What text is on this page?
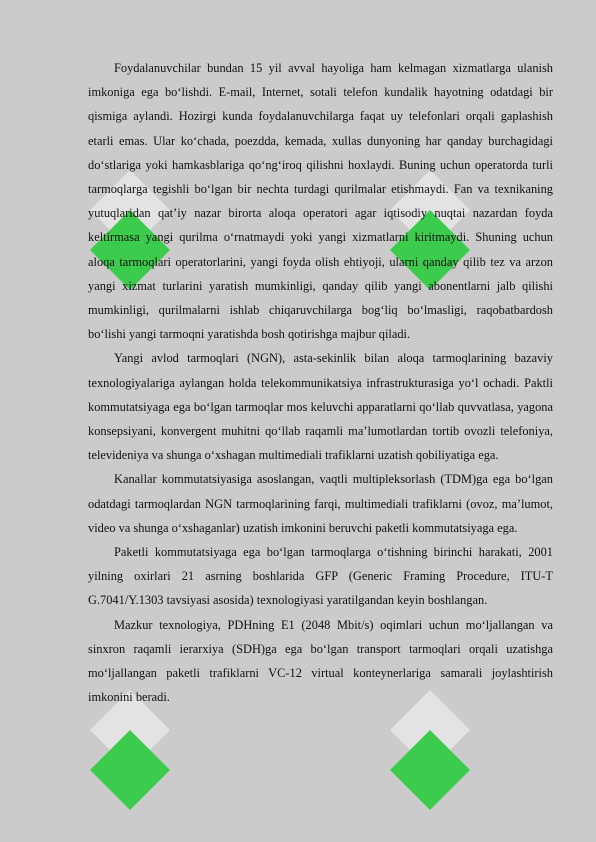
Foydalanuvchilar bundan 15 yil avval hayoliga ham kelmagan xizmatlarga ulanish imkoniga ega bo‘lishdi. E-mail, Internet, sotali telefon kundalik hayotning odatdagi bir qismiga aylandi. Hozirgi kunda foydalanuvchilarga faqat uy telefonlari orqali gaplashish etarli emas. Ular ko‘chada, poezdda, kemada, xullas dunyoning har qanday burchagidagi do‘stlariga yoki hamkasblariga qo‘ng‘iroq qilishni hoxlaydi. Buning uchun operatorda turli tarmoqlarga tegishli bo‘lgan bir nechta turdagi qurilmalar etishmaydi. Fan va texnikaning yutuqlaridan qat’iy nazar birorta aloqa operatori agar iqtisodiy nuqtai nazardan foyda keltirmasa yangi qurilma o‘rnatmaydi yoki yangi xizmatlarni kiritmaydi. Shuning uchun aloqa tarmoqlari operatorlarini, yangi foyda olish ehtiyoji, ularni qanday qilib tez va arzon yangi xizmat turlarini yaratish mumkinligi, qanday qilib yangi abonentlarni jalb qilishi mumkinligi, qurilmalarni ishlab chiqaruvchilarga bog‘liq bo‘lmasligi, raqobatbardosh bo‘lishi yangi tarmoqni yaratishda bosh qotirishga majbur qiladi.

Yangi avlod tarmoqlari (NGN), asta-sekinlik bilan aloqa tarmoqlarining bazaviy texnologiyalariga aylangan holda telekommunikatsiya infrastrukturasiga yo‘l ochadi. Paktli kommutatsiyaga ega bo‘lgan tarmoqlar mos keluvchi apparatlarni qo‘llab quvvatlasa, yagona konsepsiyani, konvergent muhitni qo‘llab raqamli ma’lumotlardan tortib ovozli telefoniya, televideniya va shunga o‘xshagan multimediali trafiklarni uzatish qobiliyatiga ega.

Kanallar kommutatsiyasiga asoslangan, vaqtli multipleksorlash (TDM)ga ega bo‘lgan odatdagi tarmoqlardan NGN tarmoqlarining farqi, multimediali trafiklarni (ovoz, ma’lumot, video va shunga o‘xshaganlar) uzatish imkonini beruvchi paketli kommutatsiyaga ega.

Paketli kommutatsiyaga ega bo‘lgan tarmoqlarga o‘tishning birinchi harakati, 2001 yilning oxirlari 21 asrning boshlarida GFP (Generic Framing Procedure, ITU-T G.7041/Y.1303 tavsiyasi asosida) texnologiyasi yaratilgandan keyin boshlangan.

Mazkur texnologiya, PDHning E1 (2048 Mbit/s) oqimlari uchun mo‘ljallangan va sinxron raqamli ierarxiya (SDH)ga ega bo‘lgan transport tarmoqlari orqali uzatishga mo‘ljallangan paketli trafiklarni VC-12 virtual konteynerlariga samarali joylashtirish imkonini beradi.
